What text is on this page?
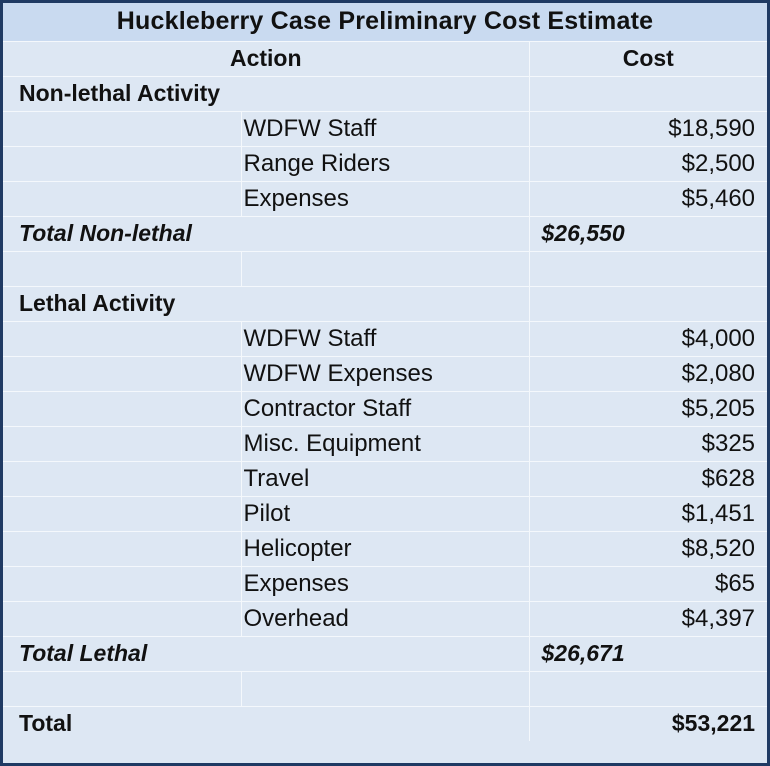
Huckleberry Case Preliminary Cost Estimate		
Action		Cost
Non-lethal Activity		
	WDFW Staff	$18,590
	Range Riders	$2,500
	Expenses	$5,460
Total Non-lethal		$26,550

Lethal Activity		
	WDFW Staff	$4,000
	WDFW Expenses	$2,080
	Contractor Staff	$5,205
	Misc. Equipment	$325
	Travel	$628
	Pilot	$1,451
	Helicopter	$8,520
	Expenses	$65
	Overhead	$4,397
Total Lethal		$26,671

Total		$53,221
